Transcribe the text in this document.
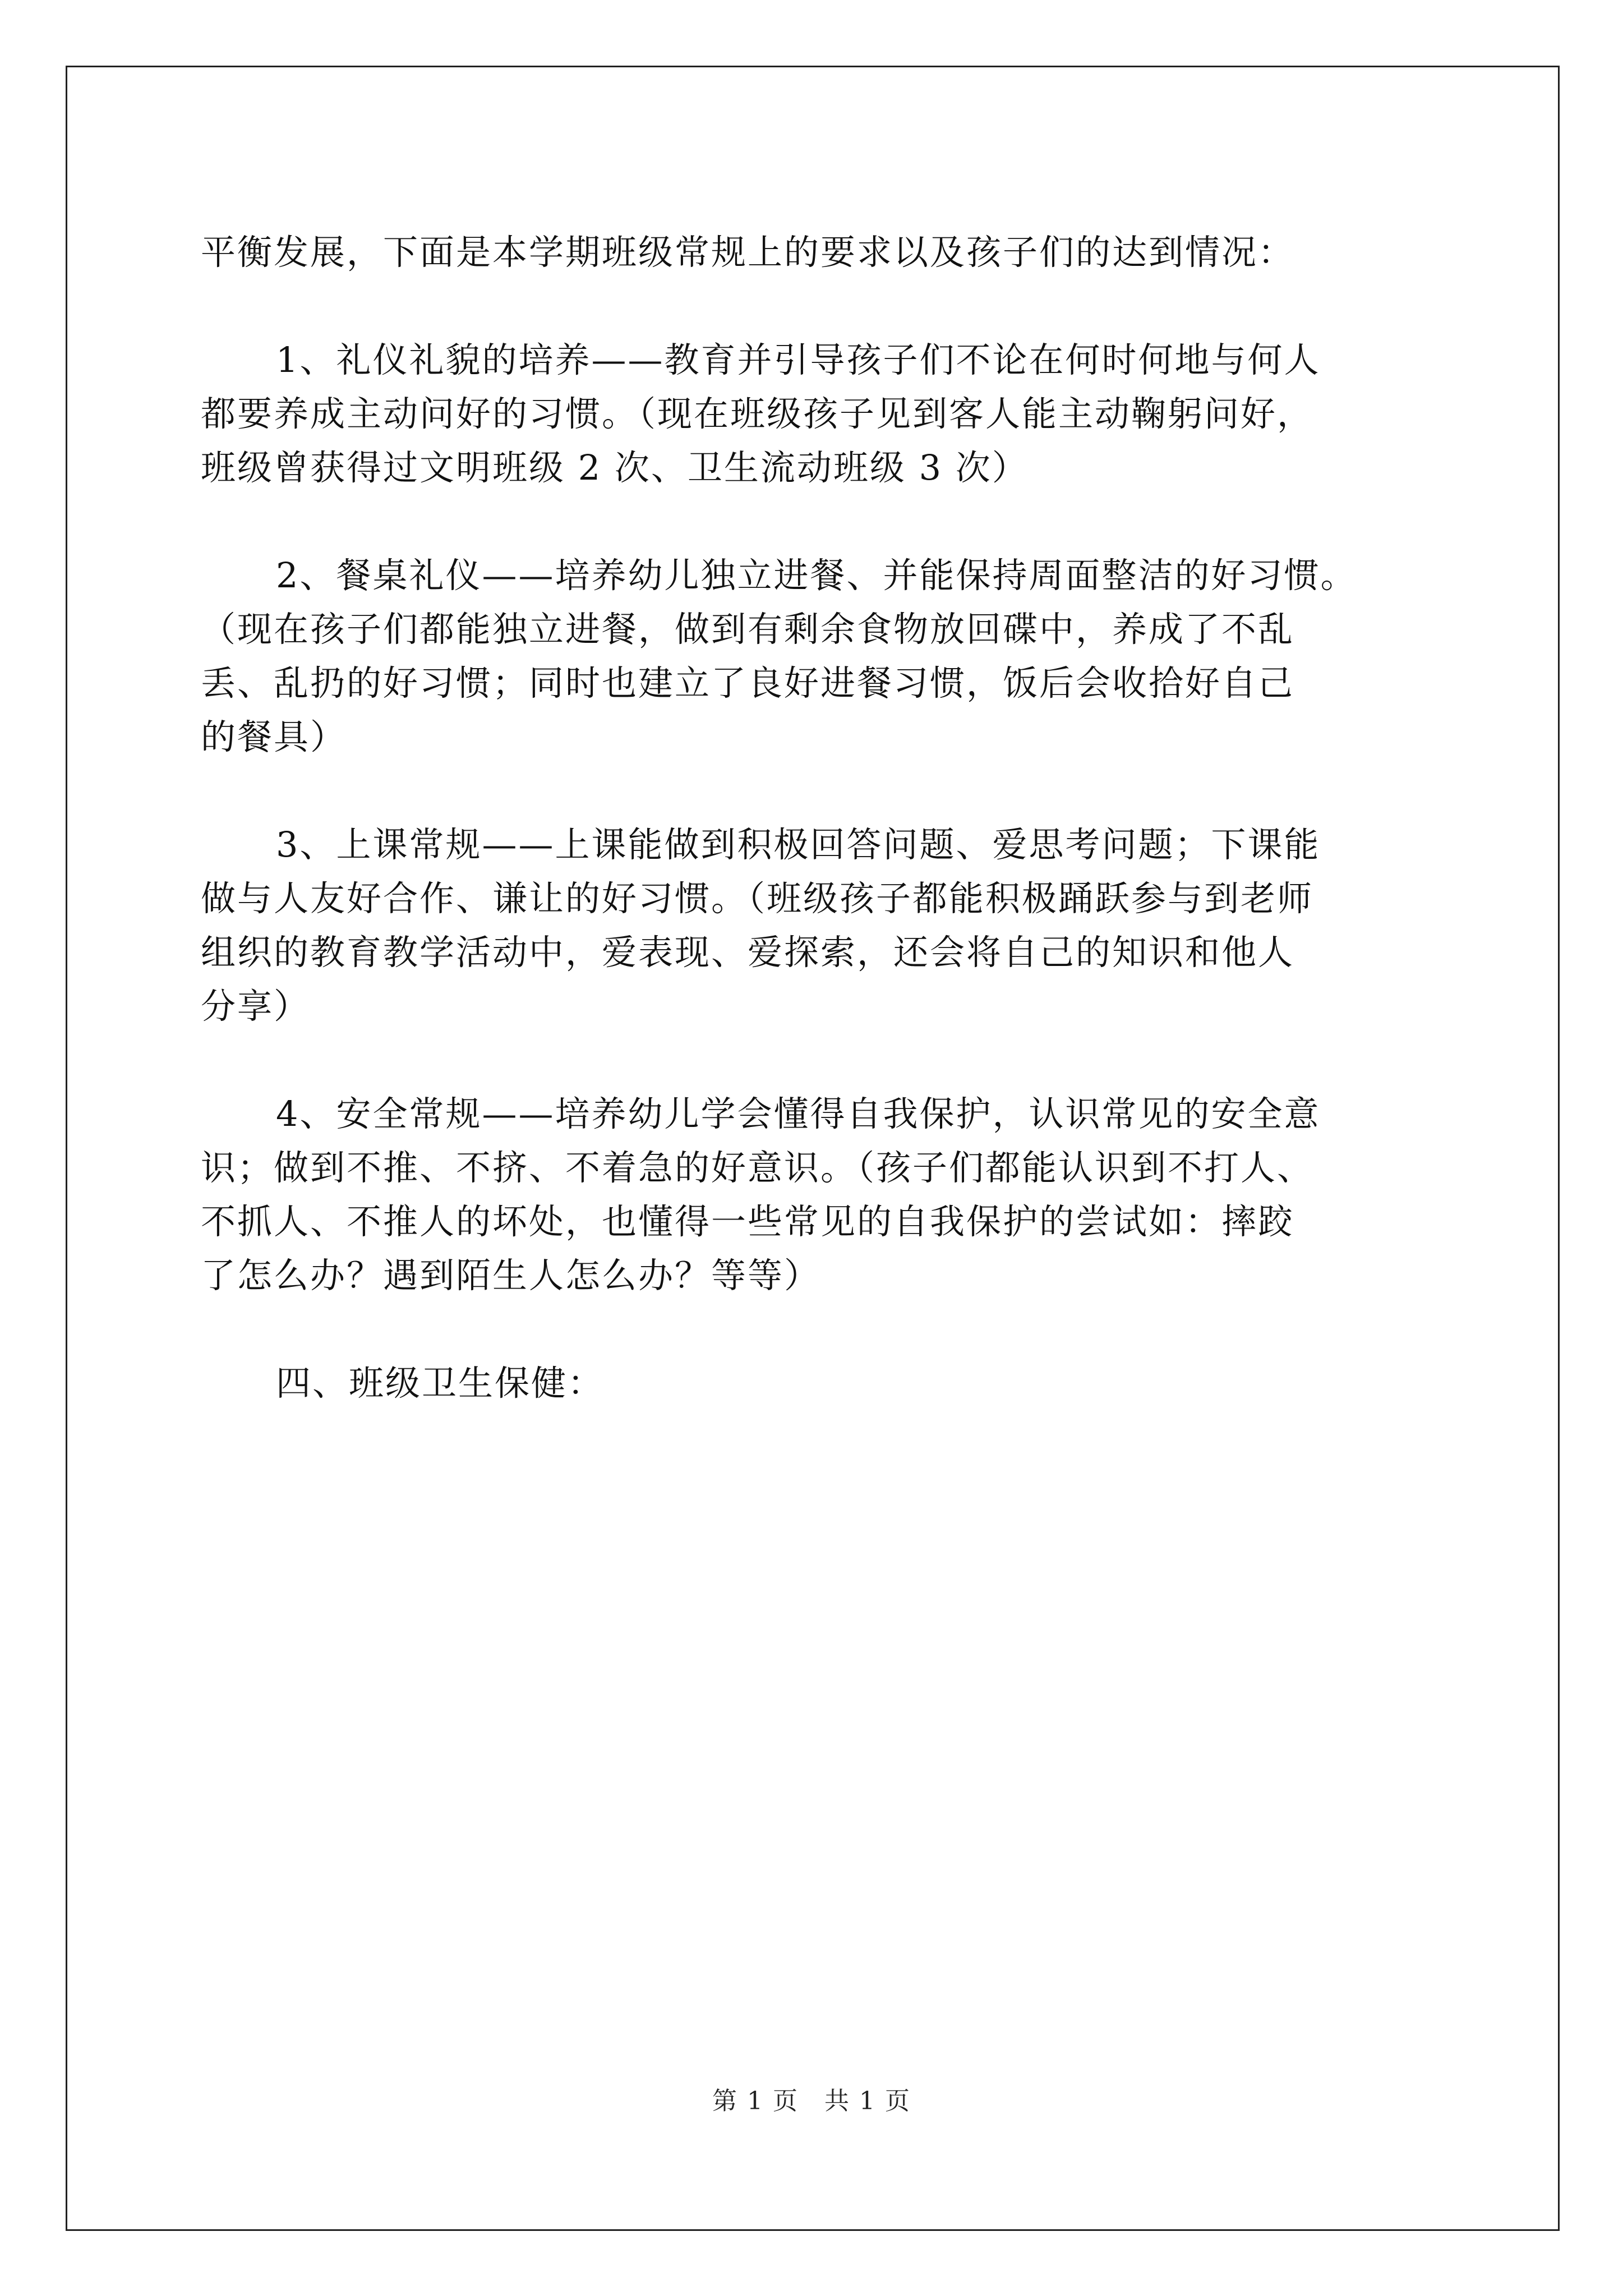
平衡发展，下面是本学期班级常规上的要求以及孩子们的达到情况：
1、礼仪礼貌的培养——教育并引导孩子们不论在何时何地与何人
都要养成主动问好的习惯。（现在班级孩子见到客人能主动鞠躬问好，
班级曾获得过文明班级 2 次、卫生流动班级 3 次）
2、餐桌礼仪——培养幼儿独立进餐、并能保持周面整洁的好习惯。
（现在孩子们都能独立进餐，做到有剩余食物放回碟中，养成了不乱
丢、乱扔的好习惯；同时也建立了良好进餐习惯，饭后会收拾好自己
的餐具）
3、上课常规——上课能做到积极回答问题、爱思考问题；下课能
做与人友好合作、谦让的好习惯。（班级孩子都能积极踊跃参与到老师
组织的教育教学活动中，爱表现、爱探索，还会将自己的知识和他人
分享）
4、安全常规——培养幼儿学会懂得自我保护，认识常见的安全意
识；做到不推、不挤、不着急的好意识。（孩子们都能认识到不打人、
不抓人、不推人的坏处，也懂得一些常见的自我保护的尝试如：摔跤
了怎么办？遇到陌生人怎么办？等等）
四、班级卫生保健：
第 1 页　共 1 页
